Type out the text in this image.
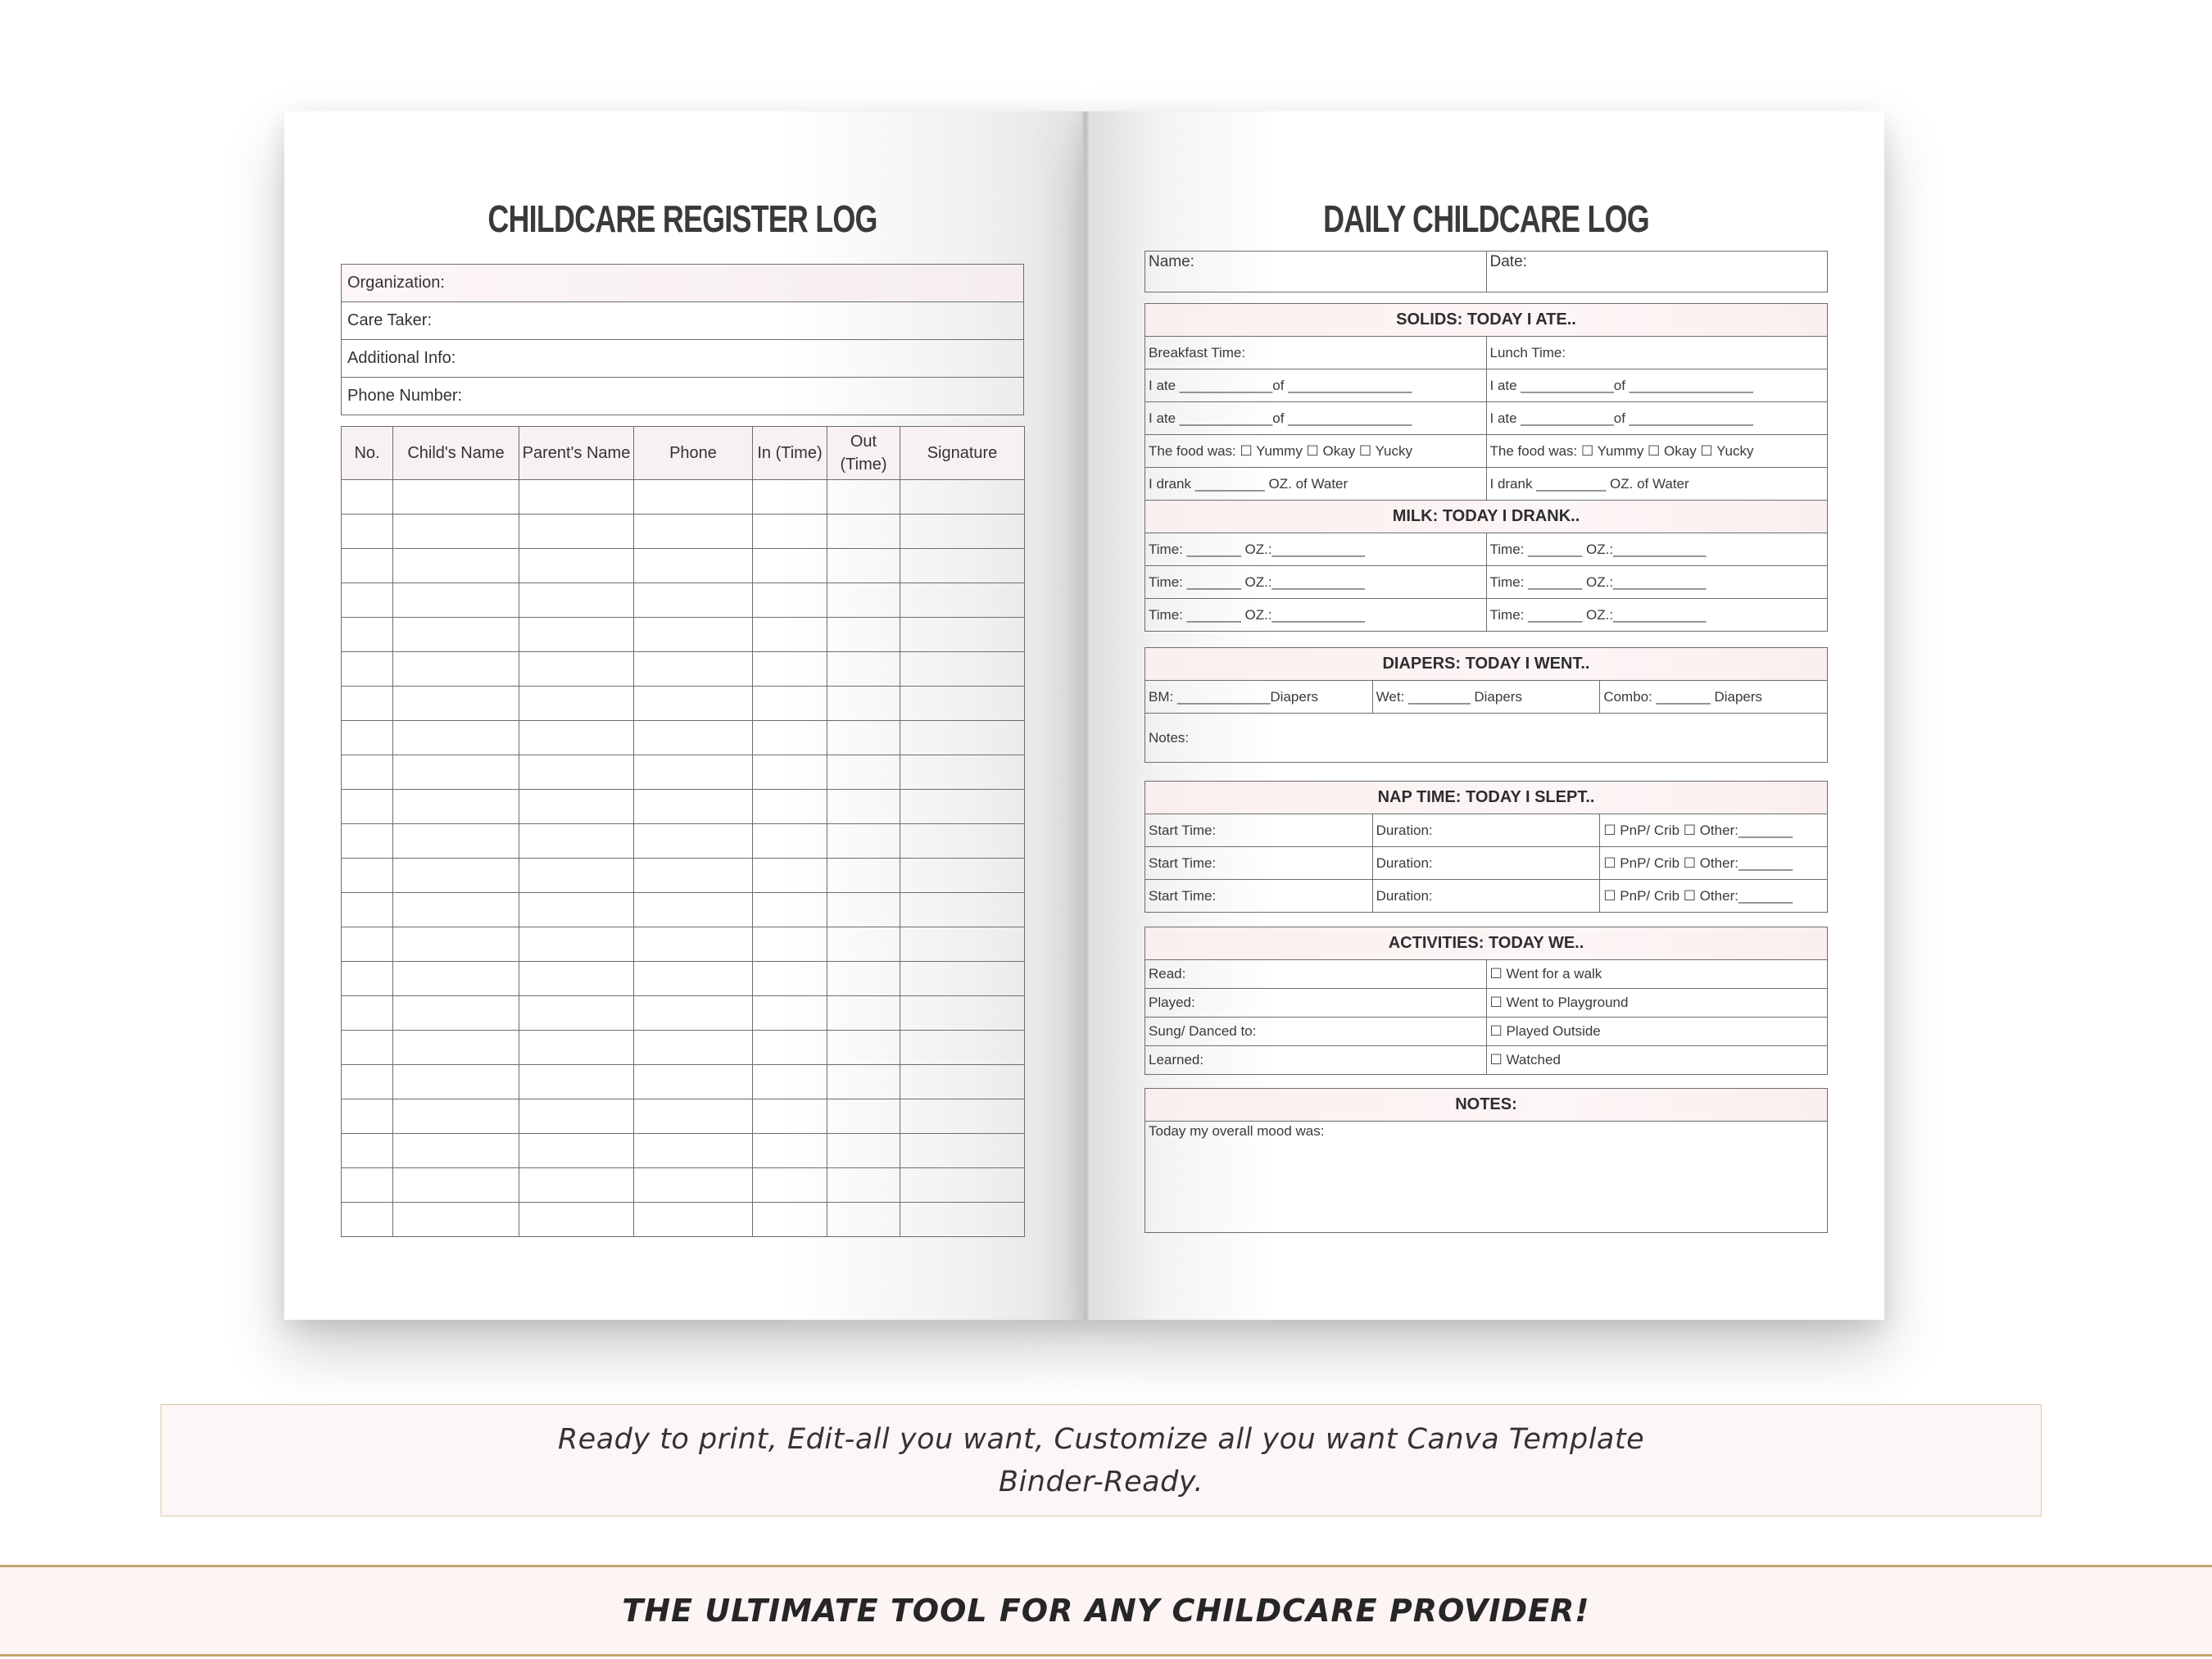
CHILDCARE REGISTER LOG
Organization:
Care Taker:
Additional Info:
Phone Number:
No.	Child's Name	Parent's Name	Phone	In (Time)	Out (Time)	Signature

DAILY CHILDCARE LOG
Name:	Date:
SOLIDS: TODAY I ATE..	
Breakfast Time:	Lunch Time:
I ate ____________of ________________	I ate ____________of ________________
I ate ____________of ________________	I ate ____________of ________________
The food was: ☐ Yummy ☐ Okay ☐ Yucky	The food was: ☐ Yummy ☐ Okay ☐ Yucky
I drank _________ OZ. of Water	I drank _________ OZ. of Water
MILK: TODAY I DRANK..	
Time: _______ OZ.:____________	Time: _______ OZ.:____________
Time: _______ OZ.:____________	Time: _______ OZ.:____________
Time: _______ OZ.:____________	Time: _______ OZ.:____________
DIAPERS: TODAY I WENT..
BM: ____________Diapers	Wet: ________ Diapers	Combo: _______ Diapers
Notes:
NAP TIME: TODAY I SLEPT..		
Start Time:	Duration:	☐ PnP/ Crib ☐ Other:_______
Start Time:	Duration:	☐ PnP/ Crib ☐ Other:_______
Start Time:	Duration:	☐ PnP/ Crib ☐ Other:_______
ACTIVITIES: TODAY WE..	
Read:	☐ Went for a walk
Played:	☐ Went to Playground
Sung/ Danced to:	☐ Played Outside
Learned:	☐ Watched
NOTES:
Today my overall mood was:
Ready to print, Edit-all you want, Customize all you want Canva Template
Binder-Ready.
THE ULTIMATE TOOL FOR ANY CHILDCARE PROVIDER!
